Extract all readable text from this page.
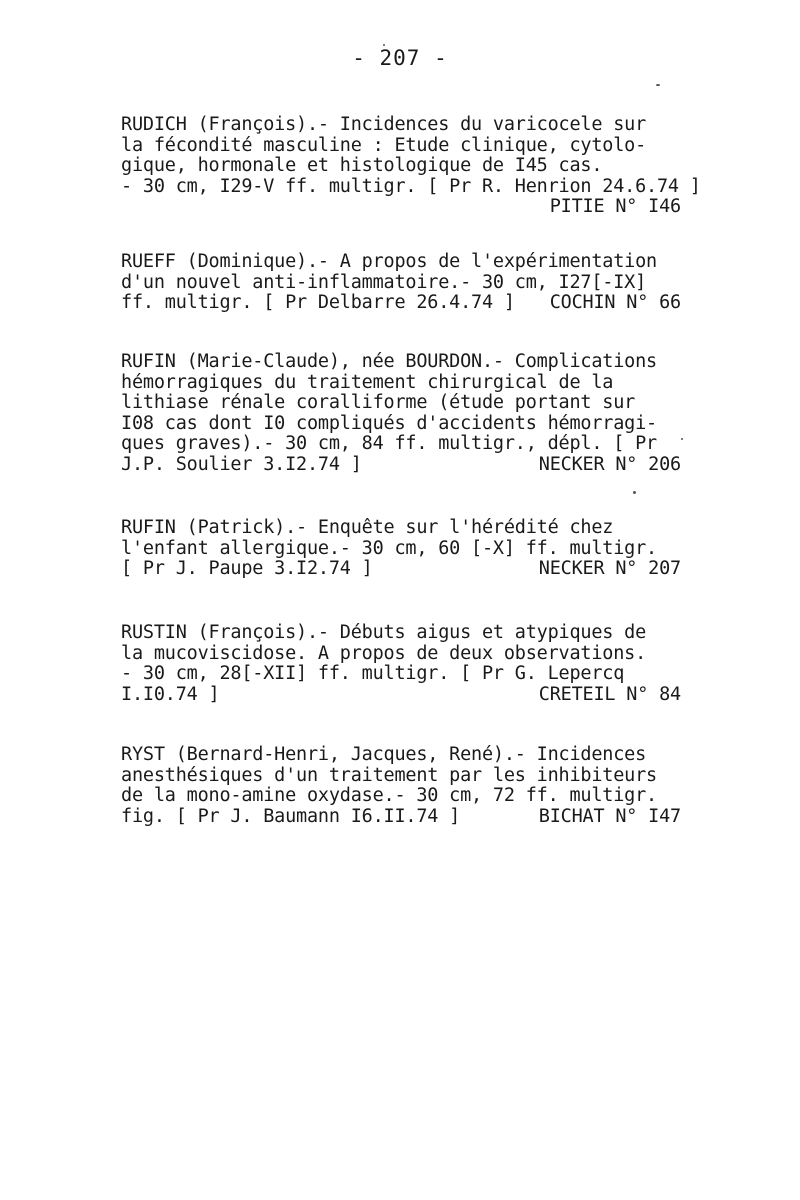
- 207 -
RUDICH (François).- Incidences du varicocele sur
la fécondité masculine : Etude clinique, cytolo-
gique, hormonale et histologique de I45 cas.
- 30 cm, I29-V ff. multigr. [ Pr R. Henrion 24.6.74 ]
PITIE N° I46
RUEFF (Dominique).- A propos de l'expérimentation
d'un nouvel anti-inflammatoire.- 30 cm, I27[-IX]
ff. multigr. [ Pr Delbarre 26.4.74 ] COCHIN N° 66
RUFIN (Marie-Claude), née BOURDON.- Complications
hémorragiques du traitement chirurgical de la
lithiase rénale coralliforme (étude portant sur
I08 cas dont I0 compliqués d'accidents hémorragi-
ques graves).- 30 cm, 84 ff. multigr., dépl. [ Pr
J.P. Soulier 3.I2.74 ]	NECKER N° 206
RUFIN (Patrick).- Enquête sur l'hérédité chez
l'enfant allergique.- 30 cm, 60 [-X] ff. multigr.
[ Pr J. Paupe 3.I2.74 ]	NECKER N° 207
RUSTIN (François).- Débuts aigus et atypiques de
la mucoviscidose. A propos de deux observations.
- 30 cm, 28[-XII] ff. multigr. [ Pr G. Lepercq
I.I0.74 ]	CRETEIL N° 84
RYST (Bernard-Henri, Jacques, René).- Incidences
anesthésiques d'un traitement par les inhibiteurs
de la mono-amine oxydase.- 30 cm, 72 ff. multigr.
fig. [ Pr J. Baumann I6.II.74 ]	BICHAT N° I47
